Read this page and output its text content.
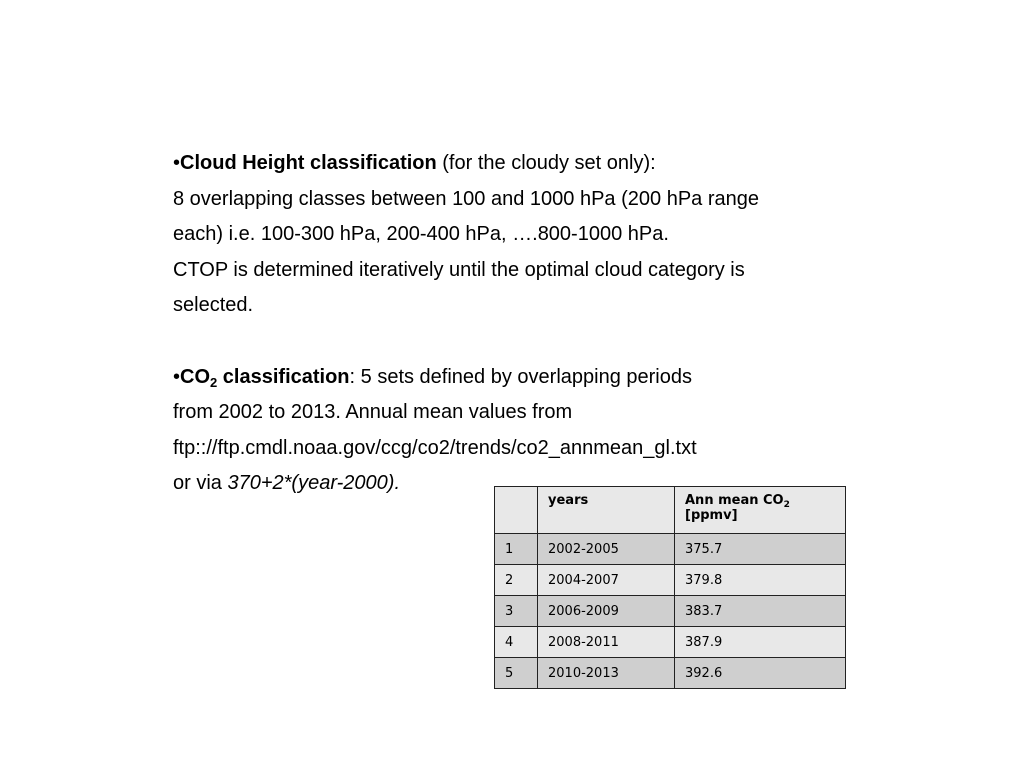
•Cloud Height classification (for the cloudy set only):

8 overlapping classes between 100 and 1000 hPa (200 hPa range

each) i.e. 100-300 hPa, 200-400 hPa, ….800-1000 hPa.

CTOP is determined iteratively until the optimal cloud category is

selected.

$•CO_2$ classification: 5 sets defined by overlapping periods

from 2002 to 2013. Annual mean values from

ftp:://ftp.cmdl.noaa.gov/ccg/co2/trends/co2_annmean_gl.txt

or via 370+2*(year-2000).

	years	Ann mean $CO_2$
[ppmv]
1	2002-2005	375.7
2	2004-2007	379.8
3	2006-2009	383.7
4	2008-2011	387.9
5	2010-2013	392.6
